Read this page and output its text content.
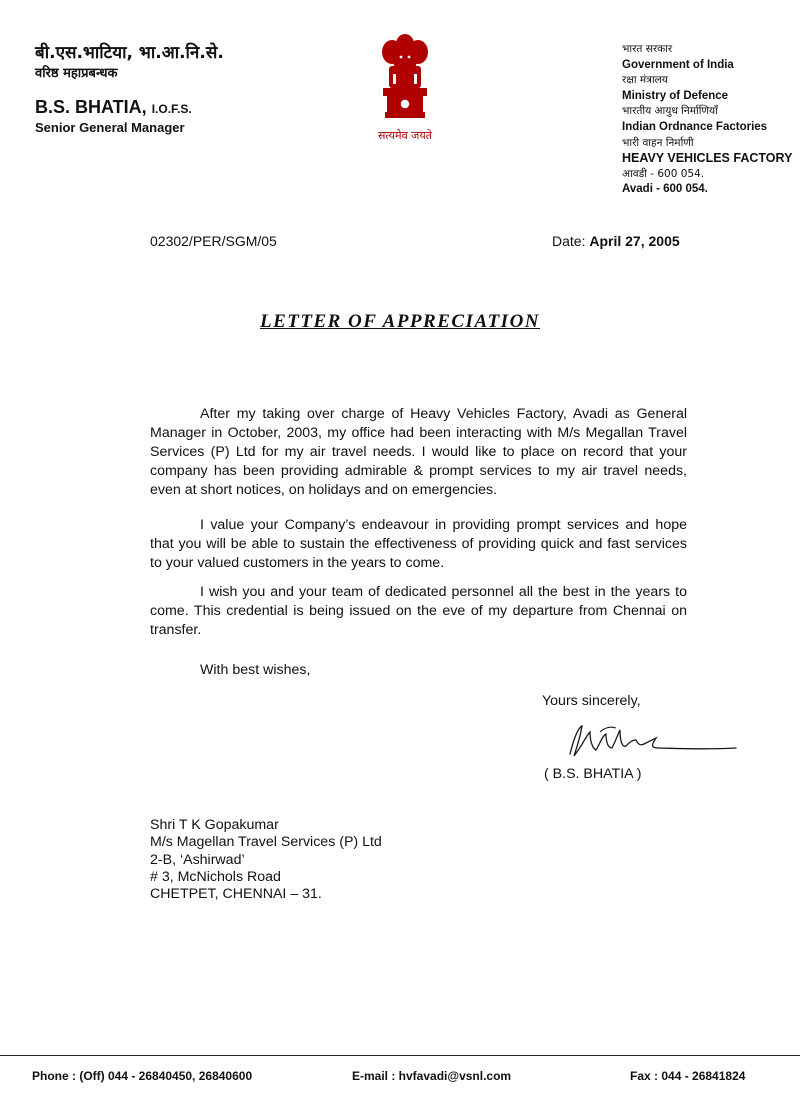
बी.एस.भाटिया, भा.आ.नि.से.
वरिष्ठ महाप्रबन्धक
B.S. BHATIA, I.O.F.S.
Senior General Manager
सत्यमेव जयते
भारत सरकार
Government of India
रक्षा मंत्रालय
Ministry of Defence
भारतीय आयुध निर्माणियाँ
Indian Ordnance Factories
भारी वाहन निर्माणी
HEAVY VEHICLES FACTORY
आवडी - 600 054.
Avadi - 600 054.
02302/PER/SGM/05	Date: April 27, 2005
LETTER OF APPRECIATION
After my taking over charge of Heavy Vehicles Factory, Avadi as General Manager in October, 2003, my office had been interacting with M/s Megallan Travel Services (P) Ltd for my air travel needs. I would like to place on record that your company has been providing admirable & prompt services to my air travel needs, even at short notices, on holidays and on emergencies.
I value your Company’s endeavour in providing prompt services and hope that you will be able to sustain the effectiveness of providing quick and fast services to your valued customers in the years to come.
I wish you and your team of dedicated personnel all the best in the years to come. This credential is being issued on the eve of my departure from Chennai on transfer.
With best wishes,
Yours sincerely,
( B.S. BHATIA )
Shri T K Gopakumar
M/s Magellan Travel Services (P) Ltd
2-B, ‘Ashirwad’
# 3, McNichols Road
CHETPET, CHENNAI – 31.
Phone : (Off) 044 - 26840450, 26840600	E-mail : hvfavadi@vsnl.com	Fax : 044 - 26841824
